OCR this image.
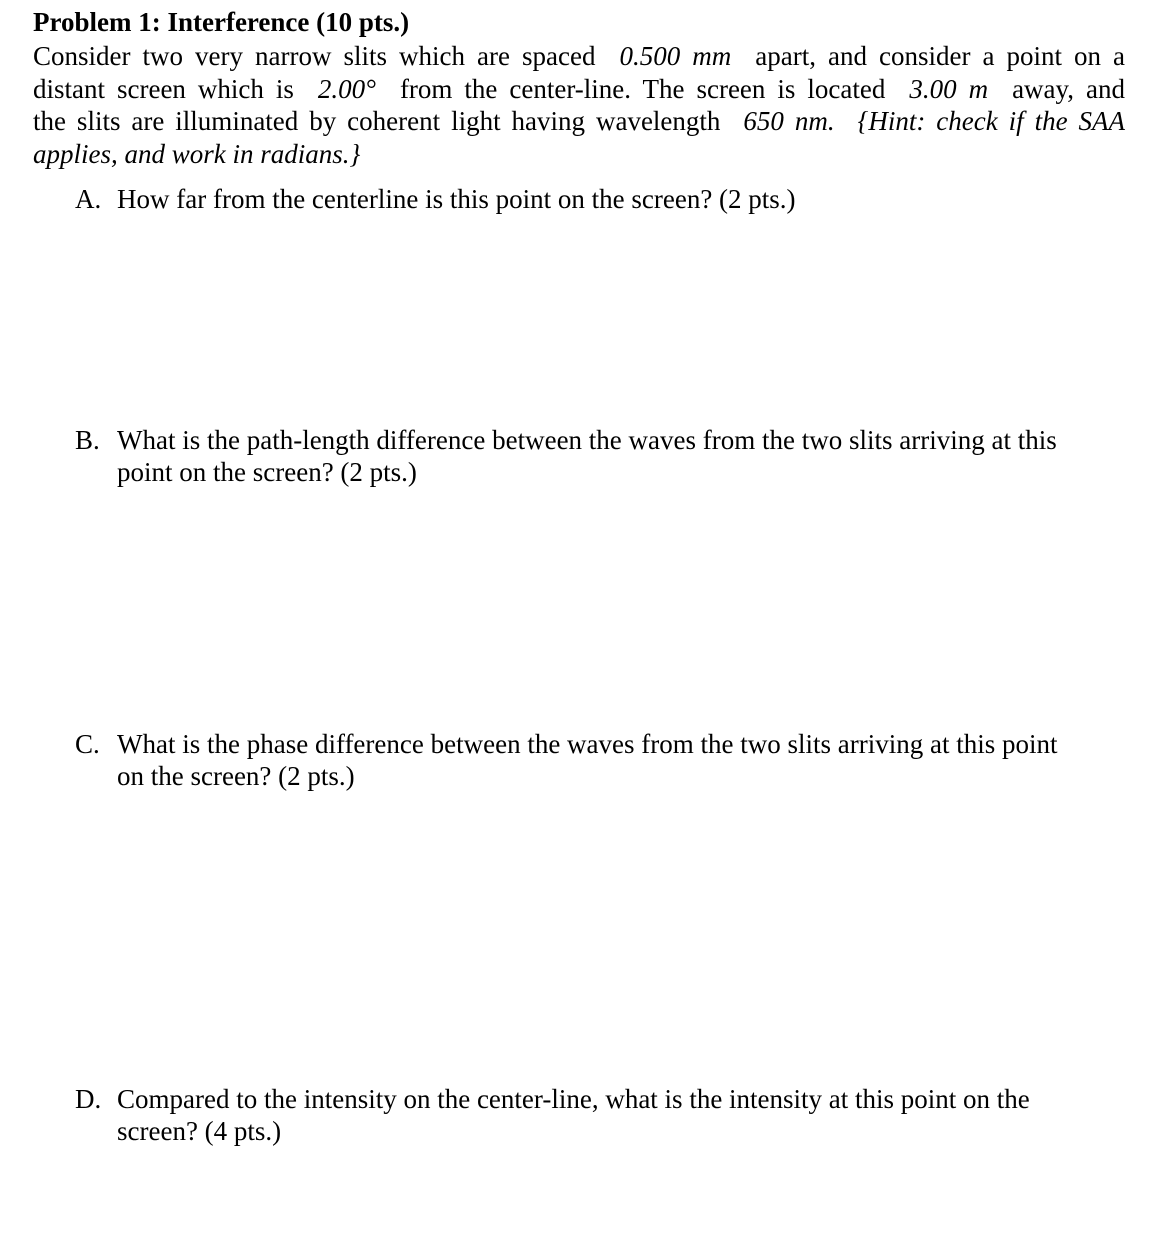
Problem 1: Interference (10 pts.)
Consider two very narrow slits which are spaced 0.500 mm apart, and consider a point on a
distant screen which is 2.00° from the center-line. The screen is located 3.00 m away, and
the slits are illuminated by coherent light having wavelength 650 nm. {Hint: check if the SAA
applies, and work in radians.}
A. How far from the centerline is this point on the screen? (2 pts.)
B. What is the path-length difference between the waves from the two slits arriving at this
point on the screen? (2 pts.)
C. What is the phase difference between the waves from the two slits arriving at this point
on the screen? (2 pts.)
D. Compared to the intensity on the center-line, what is the intensity at this point on the
screen? (4 pts.)
